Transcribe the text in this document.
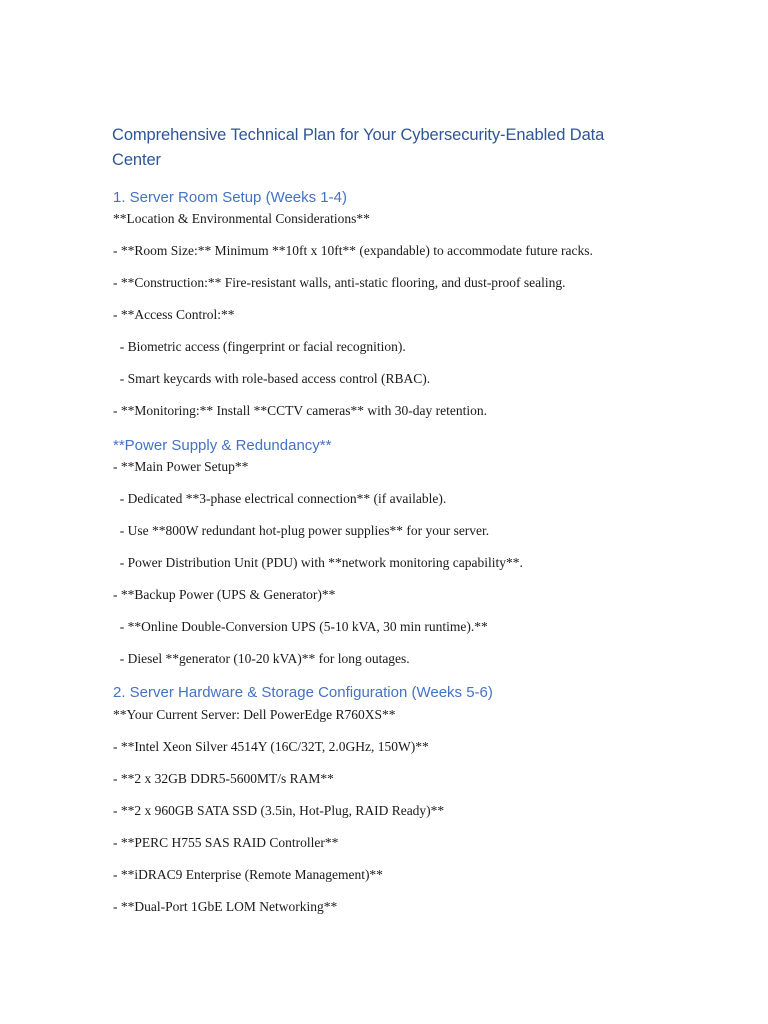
Comprehensive Technical Plan for Your Cybersecurity-Enabled Data Center
1. Server Room Setup (Weeks 1-4)

**Location & Environmental Considerations**

- **Room Size:** Minimum **10ft x 10ft** (expandable) to accommodate future racks.

- **Construction:** Fire-resistant walls, anti-static flooring, and dust-proof sealing.

- **Access Control:**

- Biometric access (fingerprint or facial recognition).

- Smart keycards with role-based access control (RBAC).

- **Monitoring:** Install **CCTV cameras** with 30-day retention.

**Power Supply & Redundancy**

- **Main Power Setup**

- Dedicated **3-phase electrical connection** (if available).

- Use **800W redundant hot-plug power supplies** for your server.

- Power Distribution Unit (PDU) with **network monitoring capability**.

- **Backup Power (UPS & Generator)**

- **Online Double-Conversion UPS (5-10 kVA, 30 min runtime).**

- Diesel **generator (10-20 kVA)** for long outages.

2. Server Hardware & Storage Configuration (Weeks 5-6)

**Your Current Server: Dell PowerEdge R760XS**

- **Intel Xeon Silver 4514Y (16C/32T, 2.0GHz, 150W)**

- **2 x 32GB DDR5-5600MT/s RAM**

- **2 x 960GB SATA SSD (3.5in, Hot-Plug, RAID Ready)**

- **PERC H755 SAS RAID Controller**

- **iDRAC9 Enterprise (Remote Management)**

- **Dual-Port 1GbE LOM Networking**
